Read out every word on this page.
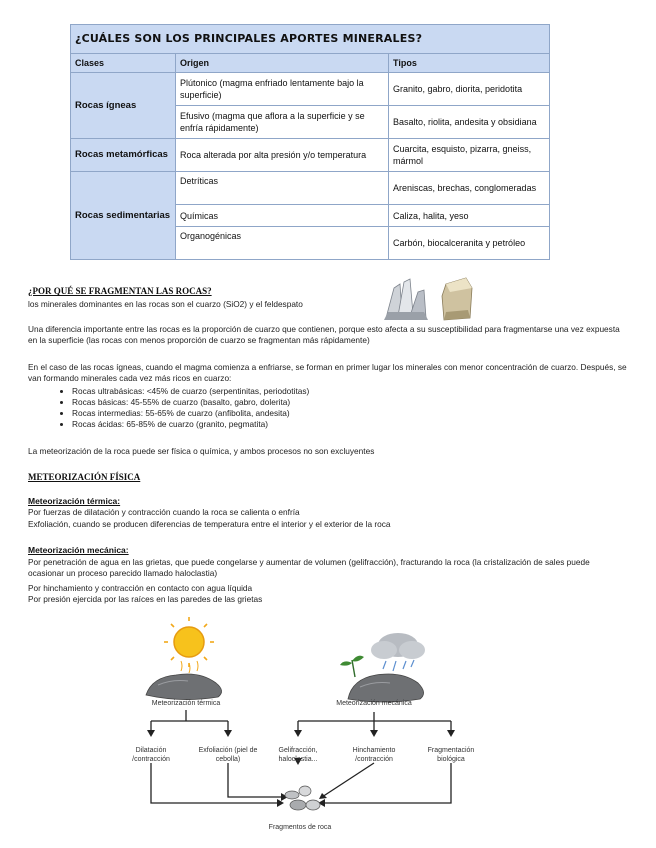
¿CUÁLES SON LOS PRINCIPALES APORTES MINERALES?		
Clases	Origen	Tipos
Rocas ígneas	Plútonico (magma enfriado lentamente bajo la superficie)	Granito, gabro, diorita, peridotita
	Efusivo (magma que aflora a la superficie y se enfría rápidamente)	Basalto, riolita, andesita y obsidiana
Rocas metamórficas	Roca alterada por alta presión y/o temperatura	Cuarcita, esquisto, pizarra, gneiss, mármol
Rocas sedimentarias	Detríticas	Areniscas, brechas, conglomeradas
	Químicas	Caliza, halita, yeso
	Organogénicas	Carbón, biocalceranita y petróleo

¿POR QUÉ SE FRAGMENTAN LAS ROCAS?

los minerales dominantes en las rocas son el cuarzo (SiO2) y el feldespato

Una diferencia importante entre las rocas es la proporción de cuarzo que contienen, porque esto afecta a su susceptibilidad para fragmentarse una vez expuesta en la superficie (las rocas con menos proporción de cuarzo se fragmentan más rápidamente)

En el caso de las rocas ígneas, cuando el magma comienza a enfriarse, se forman en primer lugar los minerales con menor concentración de cuarzo. Después, se van formando minerales cada vez más ricos en cuarzo:

• Rocas ultrabásicas: <45% de cuarzo (serpentinitas, periodotitas)
• Rocas básicas: 45-55% de cuarzo (basalto, gabro, dolerita)
• Rocas intermedias: 55-65% de cuarzo (anfibolita, andesita)
• Rocas ácidas: 65-85% de cuarzo (granito, pegmatita)

La meteorización de la roca puede ser física o química, y ambos procesos no son excluyentes

METEORIZACIÓN FÍSICA

Meteorización térmica:

Por fuerzas de dilatación y contracción cuando la roca se calienta o enfría

Exfoliación, cuando se producen diferencias de temperatura entre el interior y el exterior de la roca

Meteorización mecánica:

Por penetración de agua en las grietas, que puede congelarse y aumentar de volumen (gelifracción), fracturando la roca (la cristalización de sales puede ocasionar un proceso parecido llamado haloclastia)

Por hinchamiento y contracción en contacto con agua líquida

Por presión ejercida por las raíces en las paredes de las grietas

Meteorización térmica	Meteorización mecánica
Dilatación /contracción
Exfoliación (piel de cebolla)
Gelifracción, haloclastia...
Hinchamiento /contracción
Fragmentación biológica
Fragmentos de roca
